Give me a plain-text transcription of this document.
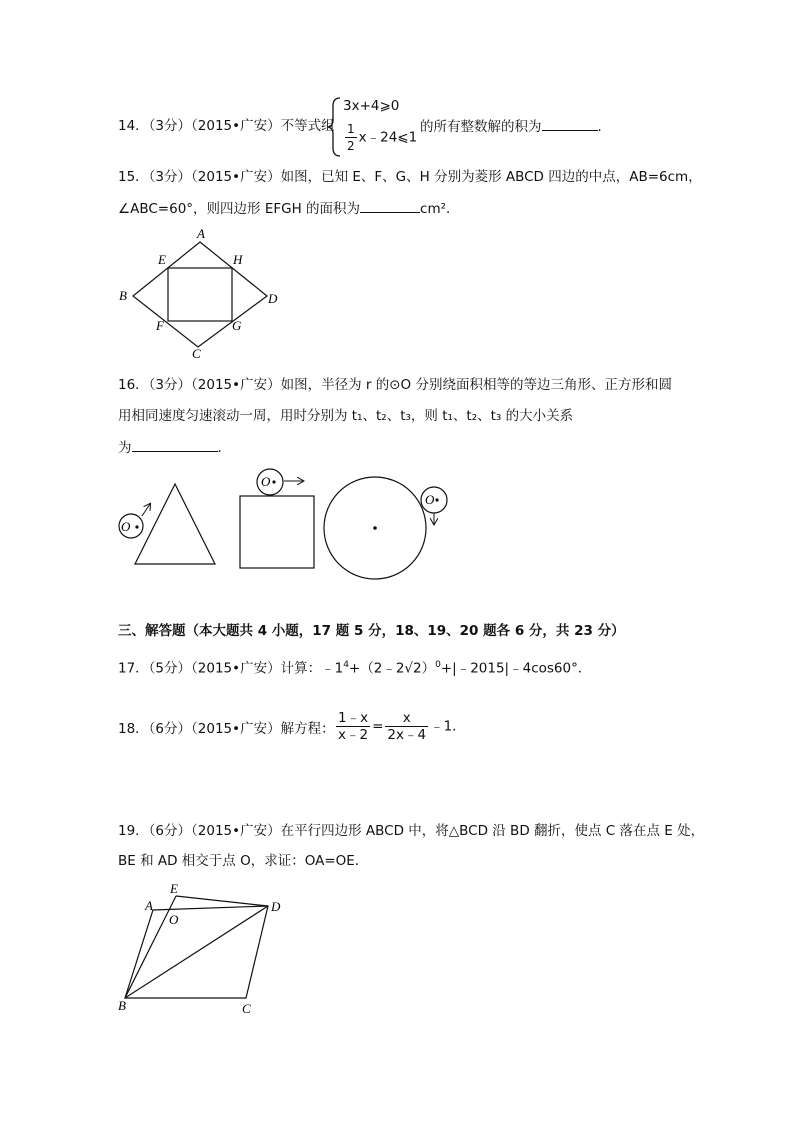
14．（3分）（2015•广安）不等式组
3x+4⩾0
$\frac{1}{2}$ x﹣24⩽1
的所有整数解的积为	．
15．（3分）（2015•广安）如图，已知 E、F、G、H 分别为菱形 ABCD 四边的中点，AB=6cm，
∠ABC=60°，则四边形 EFGH 的面积为	cm²．
A
E	H
B	D
F	G
C
16．（3分）（2015•广安）如图，半径为 r 的⊙O 分别绕面积相等的等边三角形、正方形和圆
用相同速度匀速滚动一周，用时分别为 t₁、t₂、t₃，则 t₁、t₂、t₃ 的大小关系
为	．
O
O
O
三、解答题（本大题共 4 小题，17 题 5 分，18、19、20 题各 6 分，共 23 分）
17．（5分）（2015•广安）计算：$﹣1^4+(2﹣2√2)^0+|﹣2015|﹣4\cos 60^\circ$．
18．（6分）（2015•广安）解方程： $\frac{1﹣x}{x﹣2} = \frac{x}{2x﹣4}$ ﹣1．
19．（6分）（2015•广安）在平行四边形 ABCD 中，将△BCD 沿 BD 翻折，使点 C 落在点 E 处，
BE 和 AD 相交于点 O，求证：OA=OE．
E
A
O
D
B	C
